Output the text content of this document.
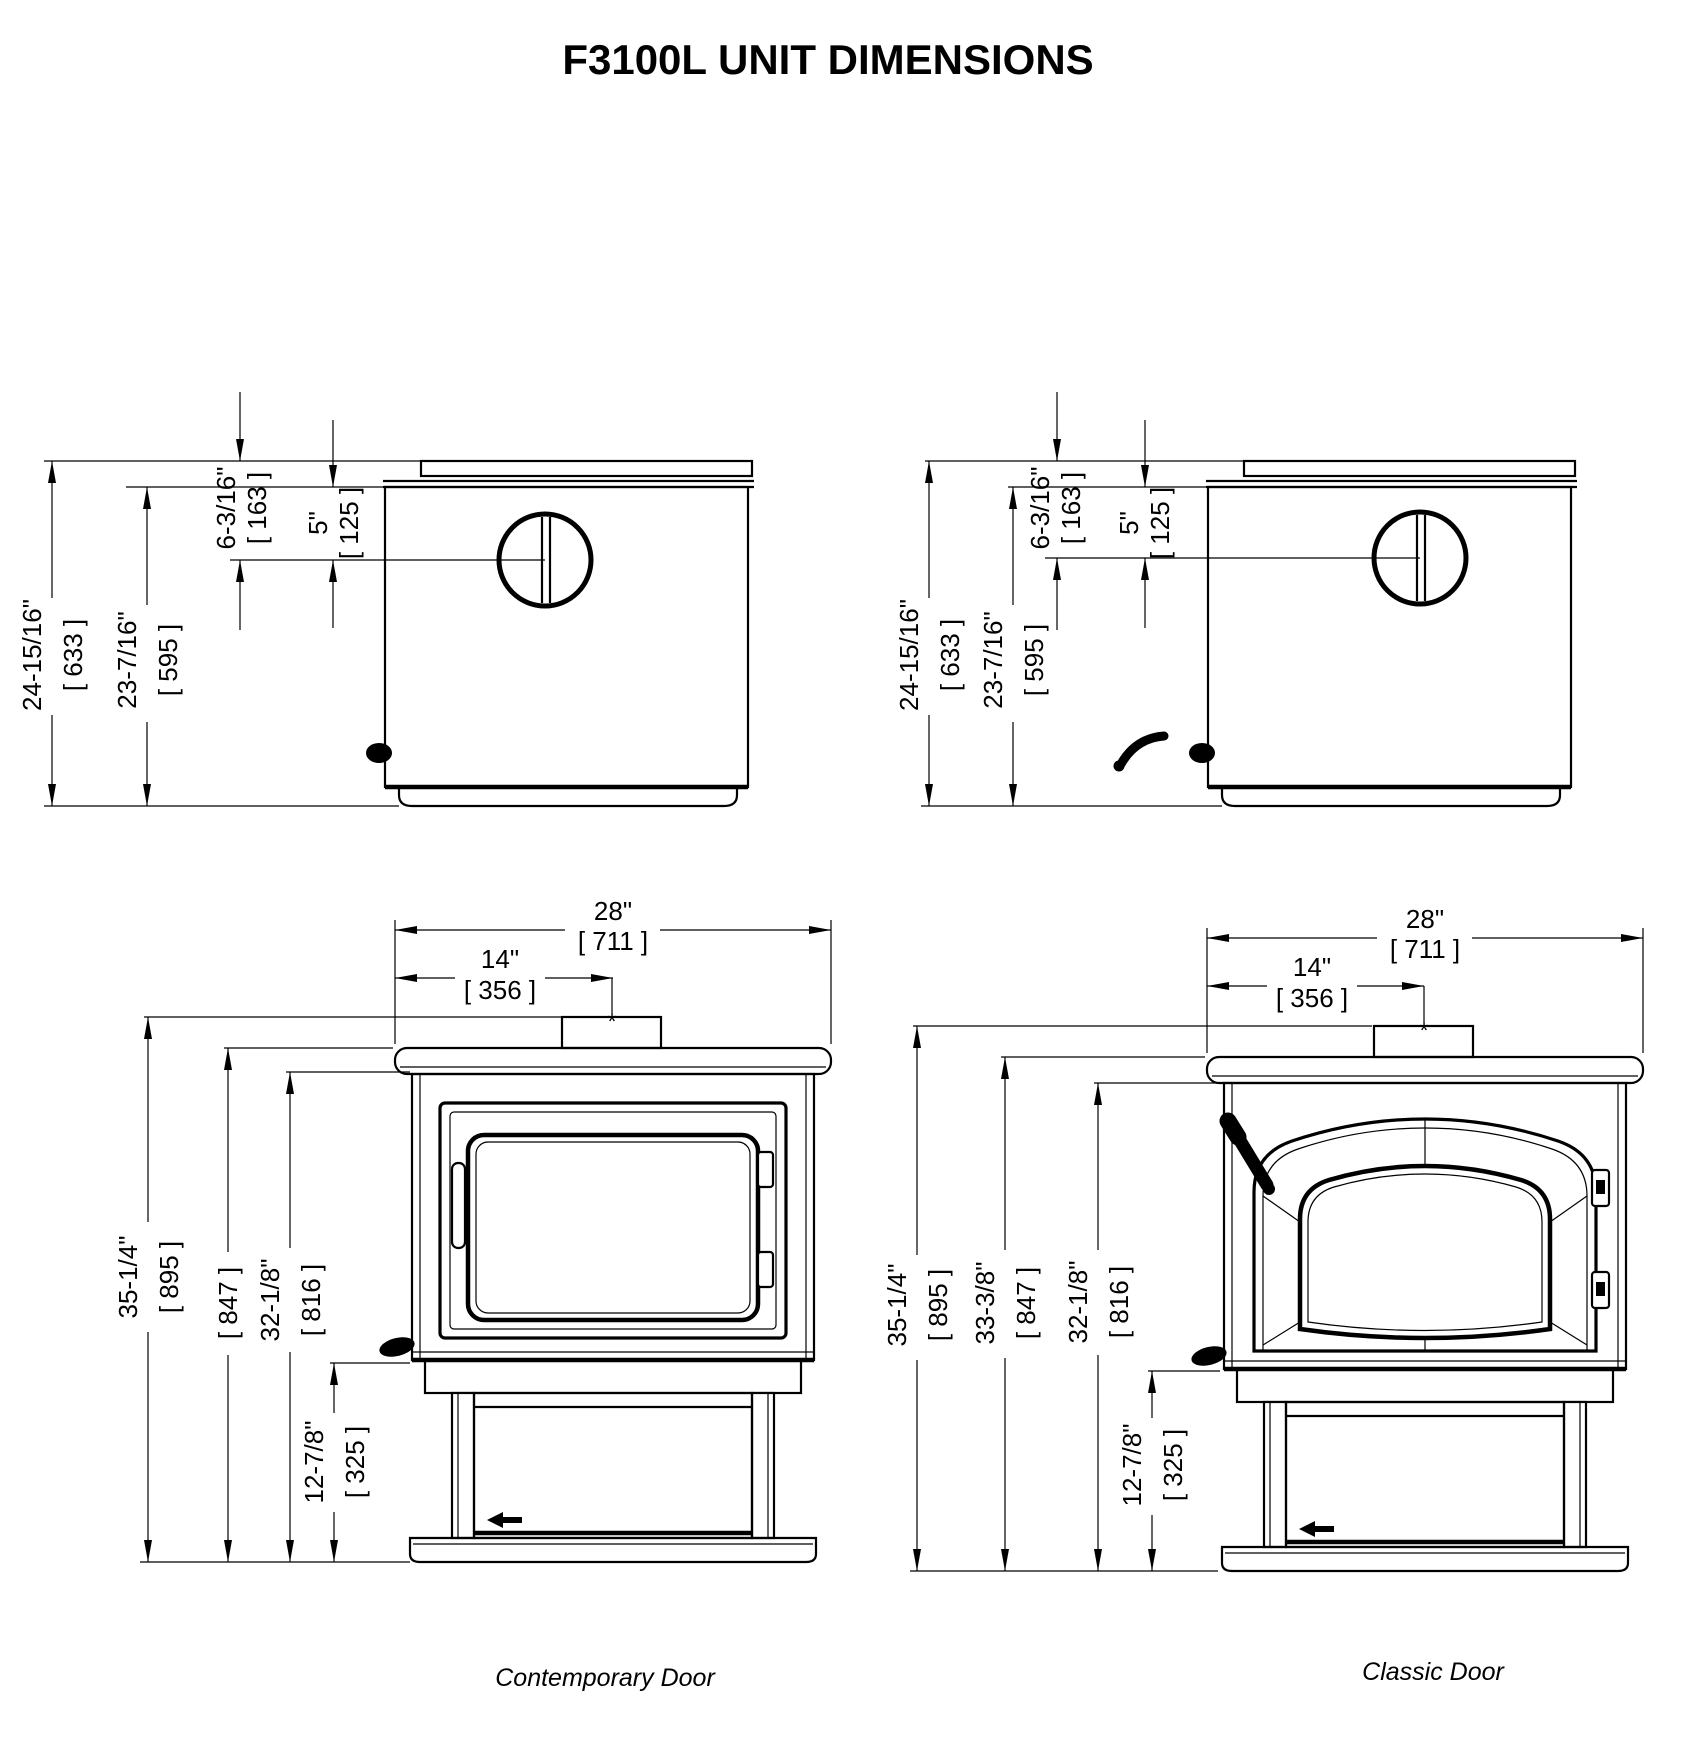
F3100L UNIT DIMENSIONS
24-15/16" [ 633 ] 23-7/16" [ 595 ]
6-3/16" [ 163 ] 5" [ 125 ]
24-15/16" [ 633 ] 23-7/16" [ 595 ]
6-3/16" [ 163 ] 5" [ 125 ]
*
28"
[ 711 ]
14"
[ 356 ]
35-1/4" [ 895 ] [ 847 ] 32-1/8" [ 816 ]
12-7/8" [ 325 ]
Contemporary Door
*
28"
[ 711 ]
14"
[ 356 ]
35-1/4" [ 895 ] 33-3/8" [ 847 ] 32-1/8" [ 816 ]
12-7/8" [ 325 ]
Classic Door
